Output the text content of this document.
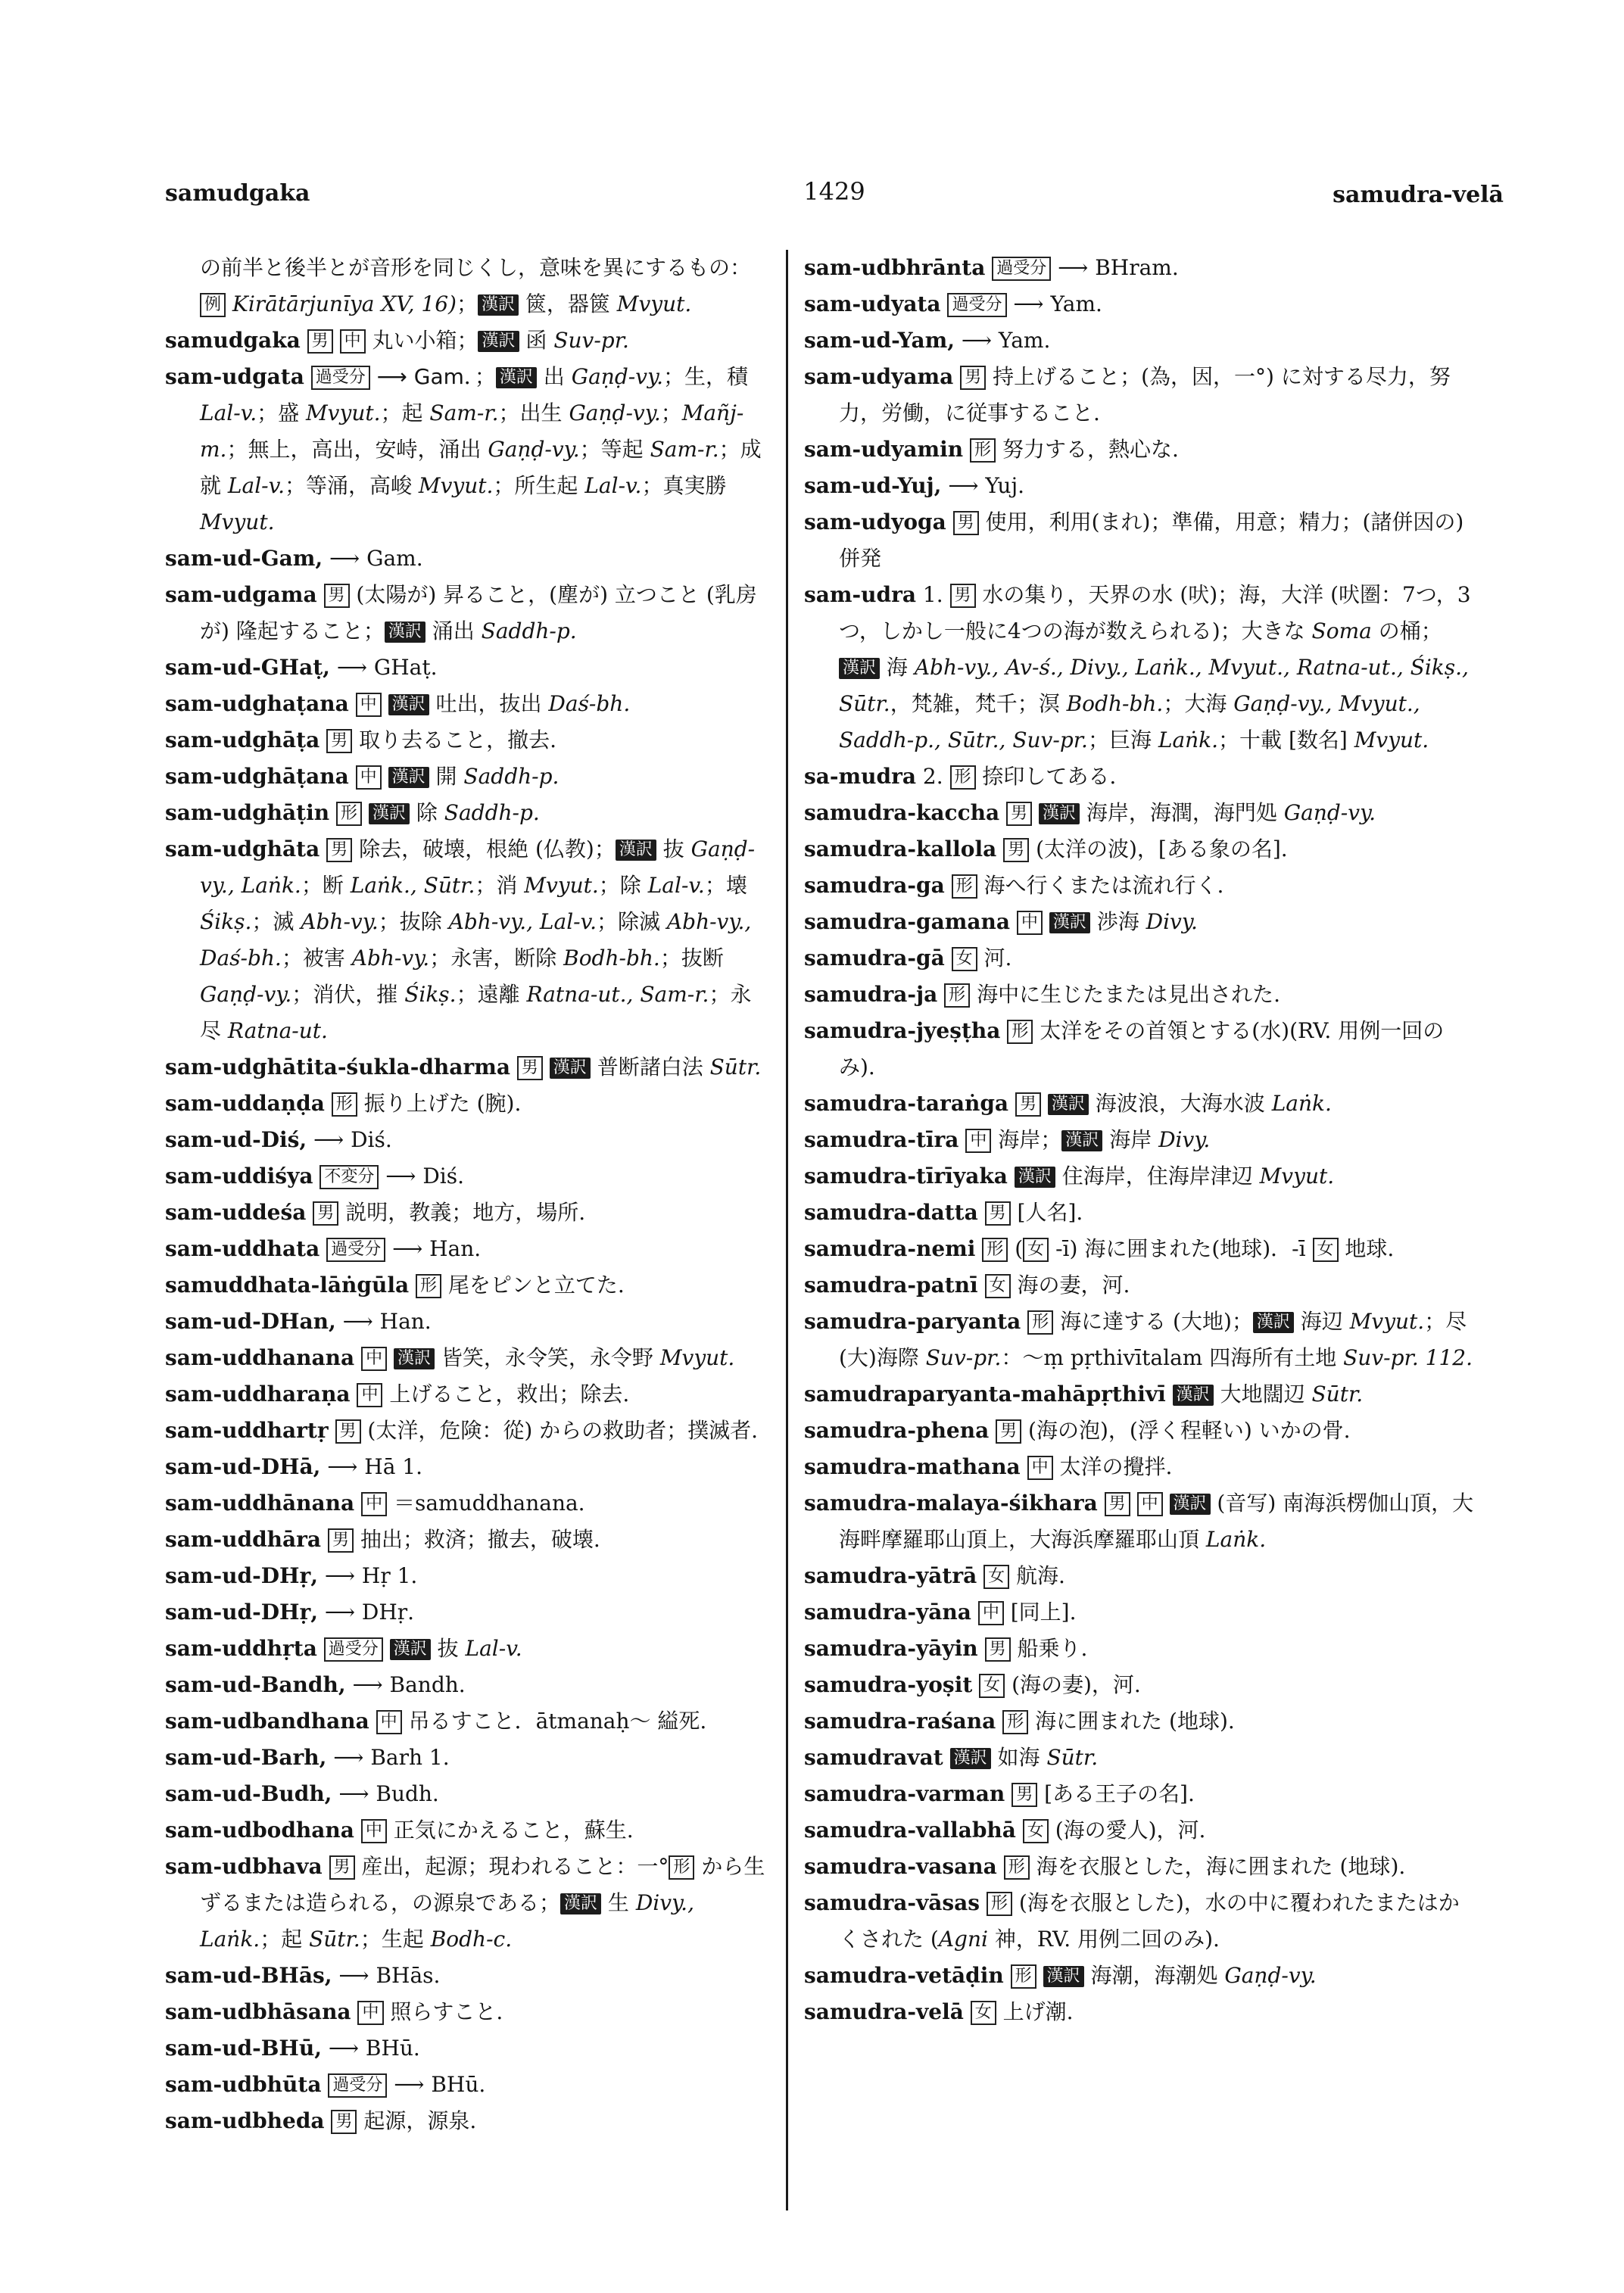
samudgaka	1429	samudra-velā
の前半と後半とが音形を同じくし，意味を異にするもの：例 Kirātārjunīya XV, 16)； 漢訳 篋，器篋 Mvyut.
samudgaka 男 中 丸い小箱； 漢訳 函 Suv-pr.
sam-udgata 過受分 ⟶ Gam．； 漢訳 出 Gaṇḍ-vy.；生，積 Lal-v.；盛 Mvyut.；起 Sam-r.；出生 Gaṇḍ-vy.；Mañj-m.；無上，高出，安峙，涌出 Gaṇḍ-vy.；等起 Sam-r.；成就 Lal-v.；等涌，高峻 Mvyut.；所生起 Lal-v.；真実勝 Mvyut.
sam-ud-Gam, ⟶ Gam.
sam-udgama 男 (太陽が) 昇ること，(塵が) 立つこと (乳房が) 隆起すること； 漢訳 涌出 Saddh-p.
sam-ud-GHaṭ, ⟶ GHaṭ.
sam-udghaṭana 中 漢訳 吐出，抜出 Daś-bh.
sam-udghāṭa 男 取り去ること，撤去.
sam-udghāṭana 中 漢訳 開 Saddh-p.
sam-udghāṭin 形 漢訳 除 Saddh-p.
sam-udghāta 男 除去，破壊，根絶 (仏教)； 漢訳 抜 Gaṇḍ-vy., Laṅk.；断 Laṅk., Sūtr.；消 Mvyut.；除 Lal-v.；壊 Śikṣ.；滅 Abh-vy.；抜除 Abh-vy., Lal-v.；除滅 Abh-vy., Daś-bh.；被害 Abh-vy.；永害，断除 Bodh-bh.；抜断 Gaṇḍ-vy.；消伏，摧 Śikṣ.；遠離 Ratna-ut., Sam-r.；永尽 Ratna-ut.
sam-udghātita-śukla-dharma 男 漢訳 普断諸白法 Sūtr.
sam-uddaṇḍa 形 振り上げた (腕).
sam-ud-Diś, ⟶ Diś.
sam-uddiśya 不変分 ⟶ Diś.
sam-uddeśa 男 説明，教義；地方，場所.
sam-uddhata 過受分 ⟶ Han.
samuddhata-lāṅgūla 形 尾をピンと立てた.
sam-ud-DHan, ⟶ Han.
sam-uddhanana 中 漢訳 皆笑，永令笑，永令野 Mvyut.
sam-uddharaṇa 中 上げること，救出；除去.
sam-uddhartṛ 男 (太洋，危険：從) からの救助者；撲滅者.
sam-ud-DHā, ⟶ Hā 1.
sam-uddhānana 中 ＝samuddhanana.
sam-uddhāra 男 抽出；救済；撤去，破壊.
sam-ud-DHṛ, ⟶ Hṛ 1.
sam-ud-DHṛ, ⟶ DHṛ.
sam-uddhṛta 過受分 漢訳 抜 Lal-v.
sam-ud-Bandh, ⟶ Bandh.
sam-udbandhana 中 吊るすこと．ātmanaḥ～ 縊死.
sam-ud-Barh, ⟶ Barh 1.
sam-ud-Budh, ⟶ Budh.
sam-udbodhana 中 正気にかえること，蘇生.
sam-udbhava 男 産出，起源；現われること：一° 形 から生ずるまたは造られる，の源泉である； 漢訳 生 Divy., Laṅk.；起 Sūtr.；生起 Bodh-c.
sam-ud-BHās, ⟶ BHās.
sam-udbhāsana 中 照らすこと.
sam-ud-BHū, ⟶ BHū.
sam-udbhūta 過受分 ⟶ BHū.
sam-udbheda 男 起源，源泉.
sam-udbhrānta 過受分 ⟶ BHram.
sam-udyata 過受分 ⟶ Yam.
sam-ud-Yam, ⟶ Yam.
sam-udyama 男 持上げること；(為，因，一°) に対する尽力，努力，労働，に従事すること.
sam-udyamin 形 努力する，熱心な.
sam-ud-Yuj, ⟶ Yuj.
sam-udyoga 男 使用，利用(まれ)；準備，用意；精力；(諸併因の) 併発
sam-udra 1. 男 水の集り，天界の水 (吠)；海，大洋 (吠圏：7つ，3つ，しかし一般に4つの海が数えられる)；大きな Soma の桶；漢訳 海 Abh-vy., Av-ś., Divy., Laṅk., Mvyut., Ratna-ut., Śikṣ., Sūtr.，梵雑，梵千；溟 Bodh-bh.；大海 Gaṇḍ-vy., Mvyut., Saddh-p., Sūtr., Suv-pr.；巨海 Laṅk.；十載 [数名] Mvyut.
sa-mudra 2. 形 捺印してある.
samudra-kaccha 男 漢訳 海岸，海潤，海門処 Gaṇḍ-vy.
samudra-kallola 男 (太洋の波)，[ある象の名].
samudra-ga 形 海へ行くまたは流れ行く.
samudra-gamana 中 漢訳 渉海 Divy.
samudra-gā 女 河.
samudra-ja 形 海中に生じたまたは見出された.
samudra-jyeṣṭha 形 太洋をその首領とする(水)(RV. 用例一回のみ).
samudra-taraṅga 男 漢訳 海波浪，大海水波 Laṅk.
samudra-tīra 中 海岸； 漢訳 海岸 Divy.
samudra-tīrīyaka 漢訳 住海岸，住海岸津辺 Mvyut.
samudra-datta 男 [人名].
samudra-nemi 形 ( 女 -ī) 海に囲まれた(地球)．-ī 女 地球.
samudra-patnī 女 海の妻，河.
samudra-paryanta 形 海に達する (大地)； 漢訳 海辺 Mvyut.；尽(大)海際 Suv-pr.：～ṃ pṛthivītalam 四海所有土地 Suv-pr. 112.
samudraparyanta-mahāpṛthivī 漢訳 大地闊辺 Sūtr.
samudra-phena 男 (海の泡)，(浮く程軽い) いかの骨.
samudra-mathana 中 太洋の攪拌.
samudra-malaya-śikhara 男 中 漢訳 (音写) 南海浜楞伽山頂，大海畔摩羅耶山頂上，大海浜摩羅耶山頂 Laṅk.
samudra-yātrā 女 航海.
samudra-yāna 中 [同上].
samudra-yāyin 男 船乗り.
samudra-yoṣit 女 (海の妻)，河.
samudra-raśana 形 海に囲まれた (地球).
samudravat 漢訳 如海 Sūtr.
samudra-varman 男 [ある王子の名].
samudra-vallabhā 女 (海の愛人)，河.
samudra-vasana 形 海を衣服とした，海に囲まれた (地球).
samudra-vāsas 形 (海を衣服とした)，水の中に覆われたまたはかくされた (Agni 神，RV. 用例二回のみ).
samudra-vetāḍin 形 漢訳 海潮，海潮処 Gaṇḍ-vy.
samudra-velā 女 上げ潮.
